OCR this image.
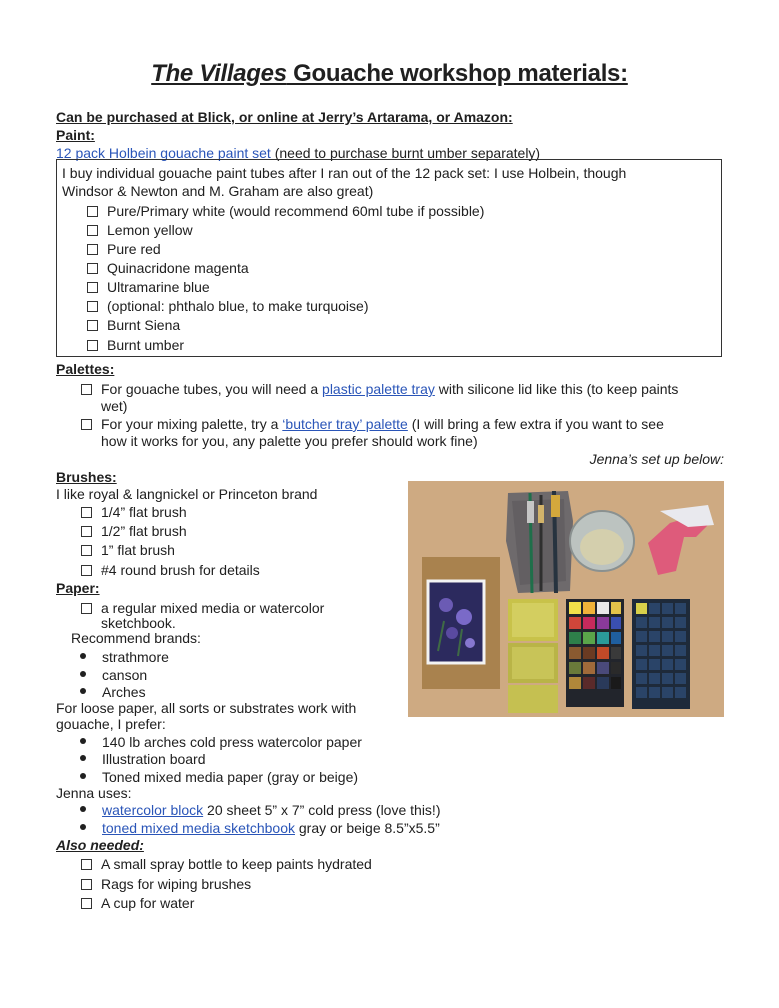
The Villages Gouache workshop materials:
Can be purchased at Blick, or online at Jerry’s Artarama, or Amazon:
Paint:
12 pack Holbein gouache paint set (need to purchase burnt umber separately)
I buy individual gouache paint tubes after I ran out of the 12 pack set: I use Holbein, though
Windsor & Newton and M. Graham are also great)
Pure/Primary white (would recommend 60ml tube if possible)
Lemon yellow
Pure red
Quinacridone magenta
Ultramarine blue
(optional: phthalo blue, to make turquoise)
Burnt Siena
Burnt umber
Palettes:
For gouache tubes, you will need a plastic palette tray with silicone lid like this (to keep paints
wet)
For your mixing palette, try a ‘butcher tray’ palette (I will bring a few extra if you want to see
how it works for you, any palette you prefer should work fine)
Jenna’s set up below:
Brushes:
I like royal & langnickel or Princeton brand
1/4” flat brush
1/2” flat brush
1” flat brush
#4 round brush for details
Paper:
a regular mixed media or watercolor
sketchbook.
Recommend brands:
strathmore
canson
Arches
For loose paper, all sorts or substrates work with
gouache, I prefer:
140 lb arches cold press watercolor paper
Illustration board
Toned mixed media paper (gray or beige)
Jenna uses:
watercolor block 20 sheet 5” x 7” cold press (love this!)
toned mixed media sketchbook gray or beige 8.5”x5.5”
Also needed:
A small spray bottle to keep paints hydrated
Rags for wiping brushes
A cup for water
